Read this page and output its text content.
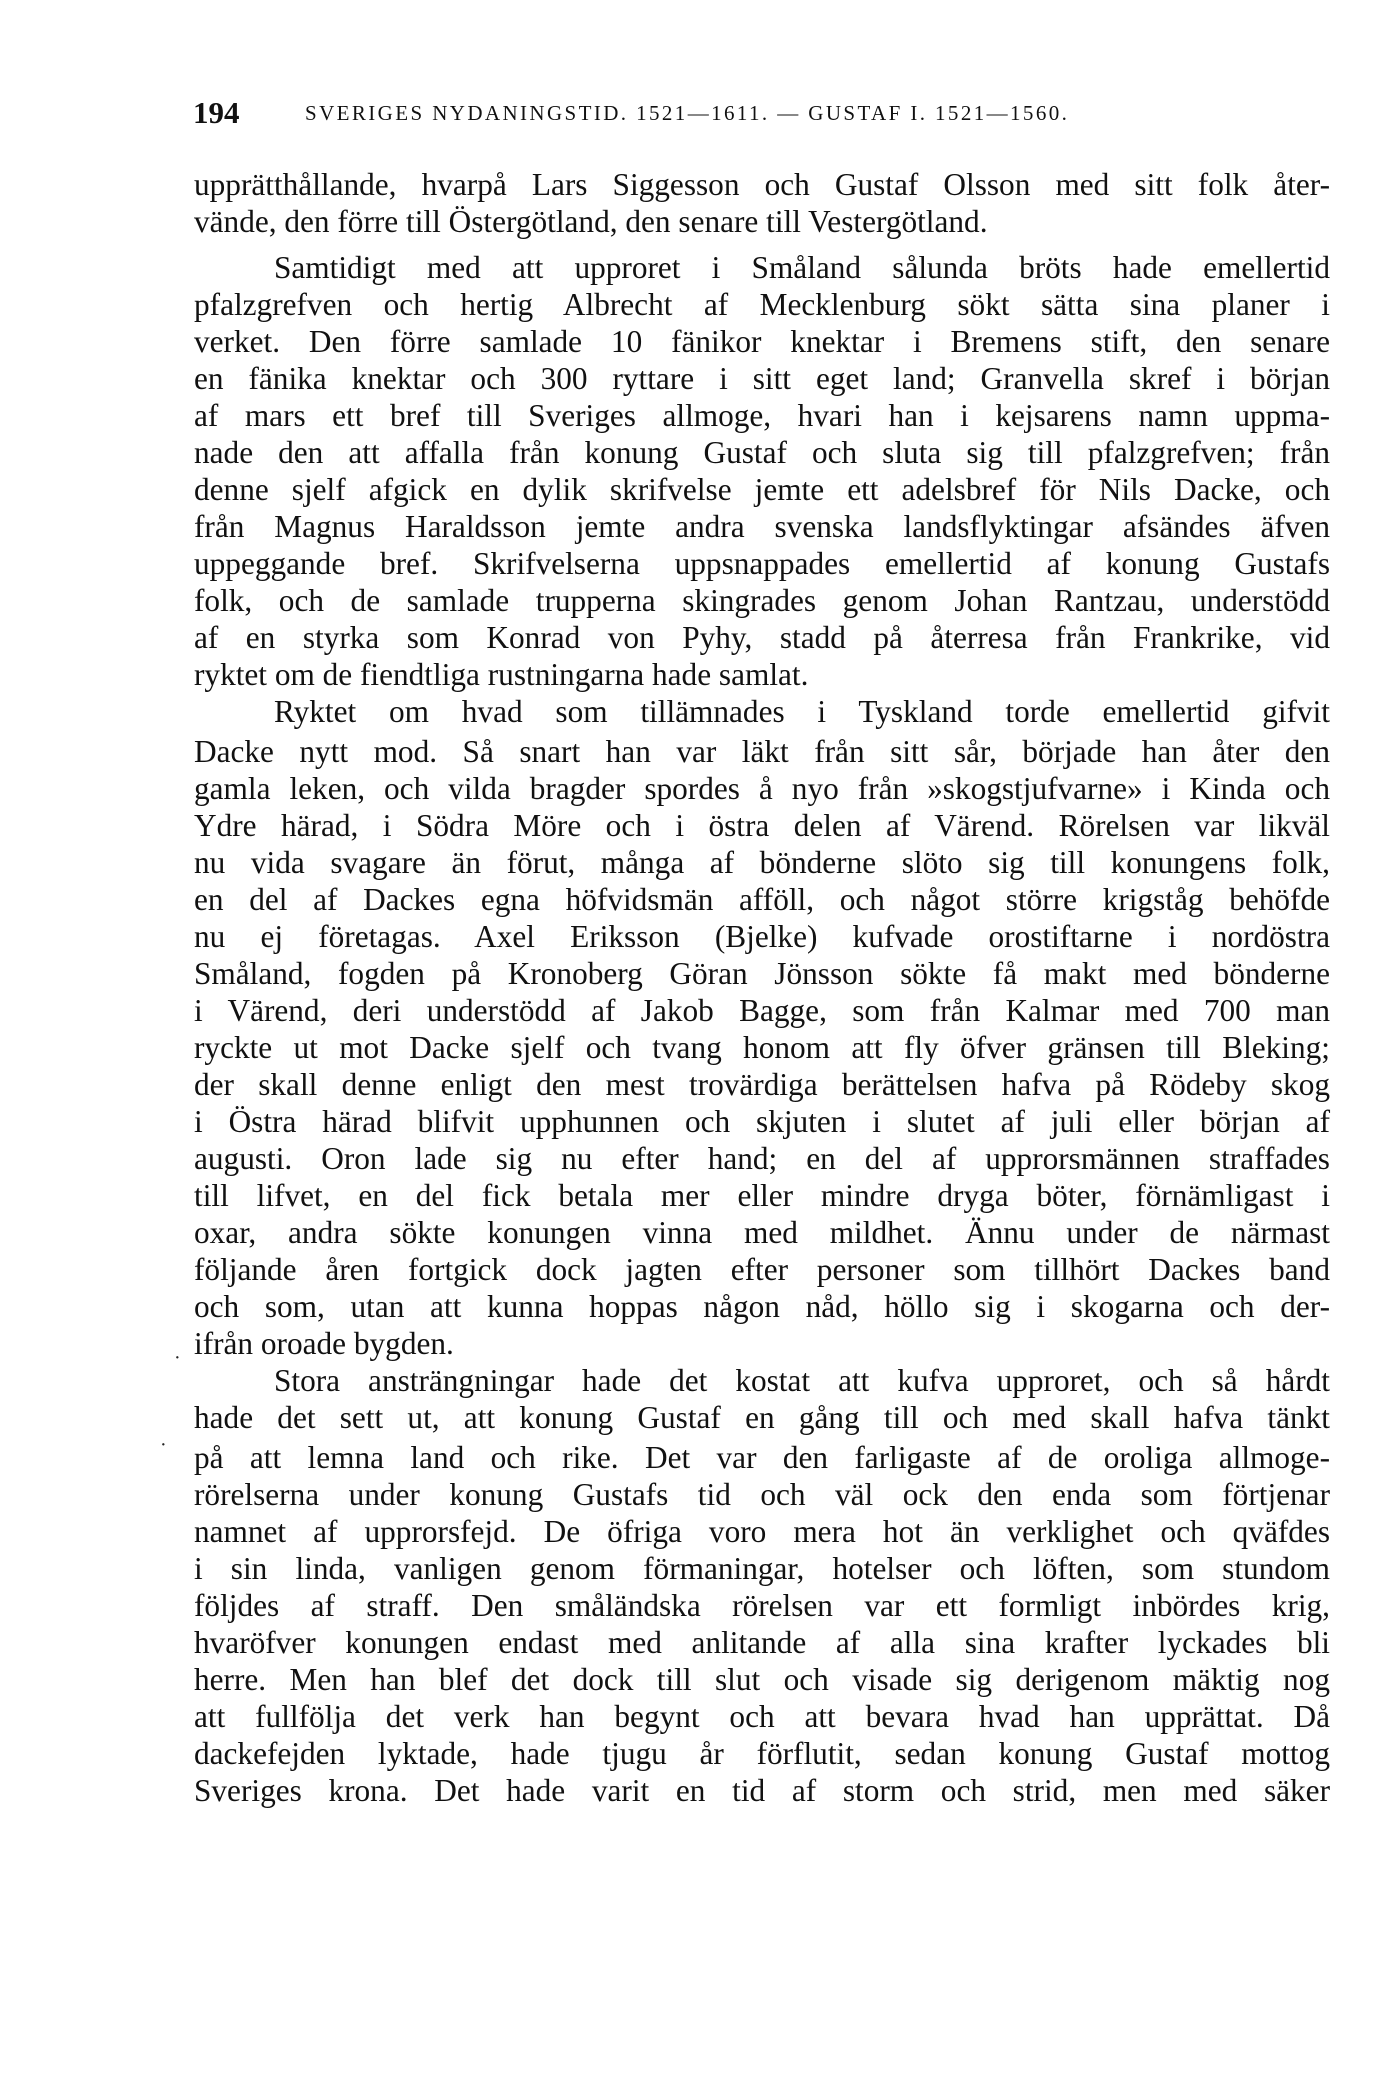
194	SVERIGES NYDANINGSTID. 1521—1611. — GUSTAF I. 1521—1560.
upprätthållande, hvarpå Lars Siggesson och Gustaf Olsson med sitt folk åter-
vände, den förre till Östergötland, den senare till Vestergötland.
Samtidigt med att upproret i Småland sålunda bröts hade emellertid
pfalzgrefven och hertig Albrecht af Mecklenburg sökt sätta sina planer i
verket. Den förre samlade 10 fänikor knektar i Bremens stift, den senare
en fänika knektar och 300 ryttare i sitt eget land; Granvella skref i början
af mars ett bref till Sveriges allmoge, hvari han i kejsarens namn uppma-
nade den att affalla från konung Gustaf och sluta sig till pfalzgrefven; från
denne sjelf afgick en dylik skrifvelse jemte ett adelsbref för Nils Dacke, och
från Magnus Haraldsson jemte andra svenska landsflyktingar afsändes äfven
uppeggande bref. Skrifvelserna uppsnappades emellertid af konung Gustafs
folk, och de samlade trupperna skingrades genom Johan Rantzau, understödd
af en styrka som Konrad von Pyhy, stadd på återresa från Frankrike, vid
ryktet om de fiendtliga rustningarna hade samlat.
Ryktet om hvad som tillämnades i Tyskland torde emellertid gifvit
Dacke nytt mod. Så snart han var läkt från sitt sår, började han åter den
gamla leken, och vilda bragder spordes å nyo från »skogstjufvarne» i Kinda och
Ydre härad, i Södra Möre och i östra delen af Värend. Rörelsen var likväl
nu vida svagare än förut, många af bönderne slöto sig till konungens folk,
en del af Dackes egna höfvidsmän afföll, och något större krigståg behöfde
nu ej företagas. Axel Eriksson (Bjelke) kufvade orostiftarne i nordöstra
Småland, fogden på Kronoberg Göran Jönsson sökte få makt med bönderne
i Värend, deri understödd af Jakob Bagge, som från Kalmar med 700 man
ryckte ut mot Dacke sjelf och tvang honom att fly öfver gränsen till Bleking;
der skall denne enligt den mest trovärdiga berättelsen hafva på Rödeby skog
i Östra härad blifvit upphunnen och skjuten i slutet af juli eller början af
augusti. Oron lade sig nu efter hand; en del af upprorsmännen straffades
till lifvet, en del fick betala mer eller mindre dryga böter, förnämligast i
oxar, andra sökte konungen vinna med mildhet. Ännu under de närmast
följande åren fortgick dock jagten efter personer som tillhört Dackes band
och som, utan att kunna hoppas någon nåd, höllo sig i skogarna och der-
ifrån oroade bygden.
Stora ansträngningar hade det kostat att kufva upproret, och så hårdt
hade det sett ut, att konung Gustaf en gång till och med skall hafva tänkt
på att lemna land och rike. Det var den farligaste af de oroliga allmoge-
rörelserna under konung Gustafs tid och väl ock den enda som förtjenar
namnet af upprorsfejd. De öfriga voro mera hot än verklighet och qväfdes
i sin linda, vanligen genom förmaningar, hotelser och löften, som stundom
följdes af straff. Den småländska rörelsen var ett formligt inbördes krig,
hvaröfver konungen endast med anlitande af alla sina krafter lyckades bli
herre. Men han blef det dock till slut och visade sig derigenom mäktig nog
att fullfölja det verk han begynt och att bevara hvad han upprättat. Då
dackefejden lyktade, hade tjugu år förflutit, sedan konung Gustaf mottog
Sveriges krona. Det hade varit en tid af storm och strid, men med säker
·
·
